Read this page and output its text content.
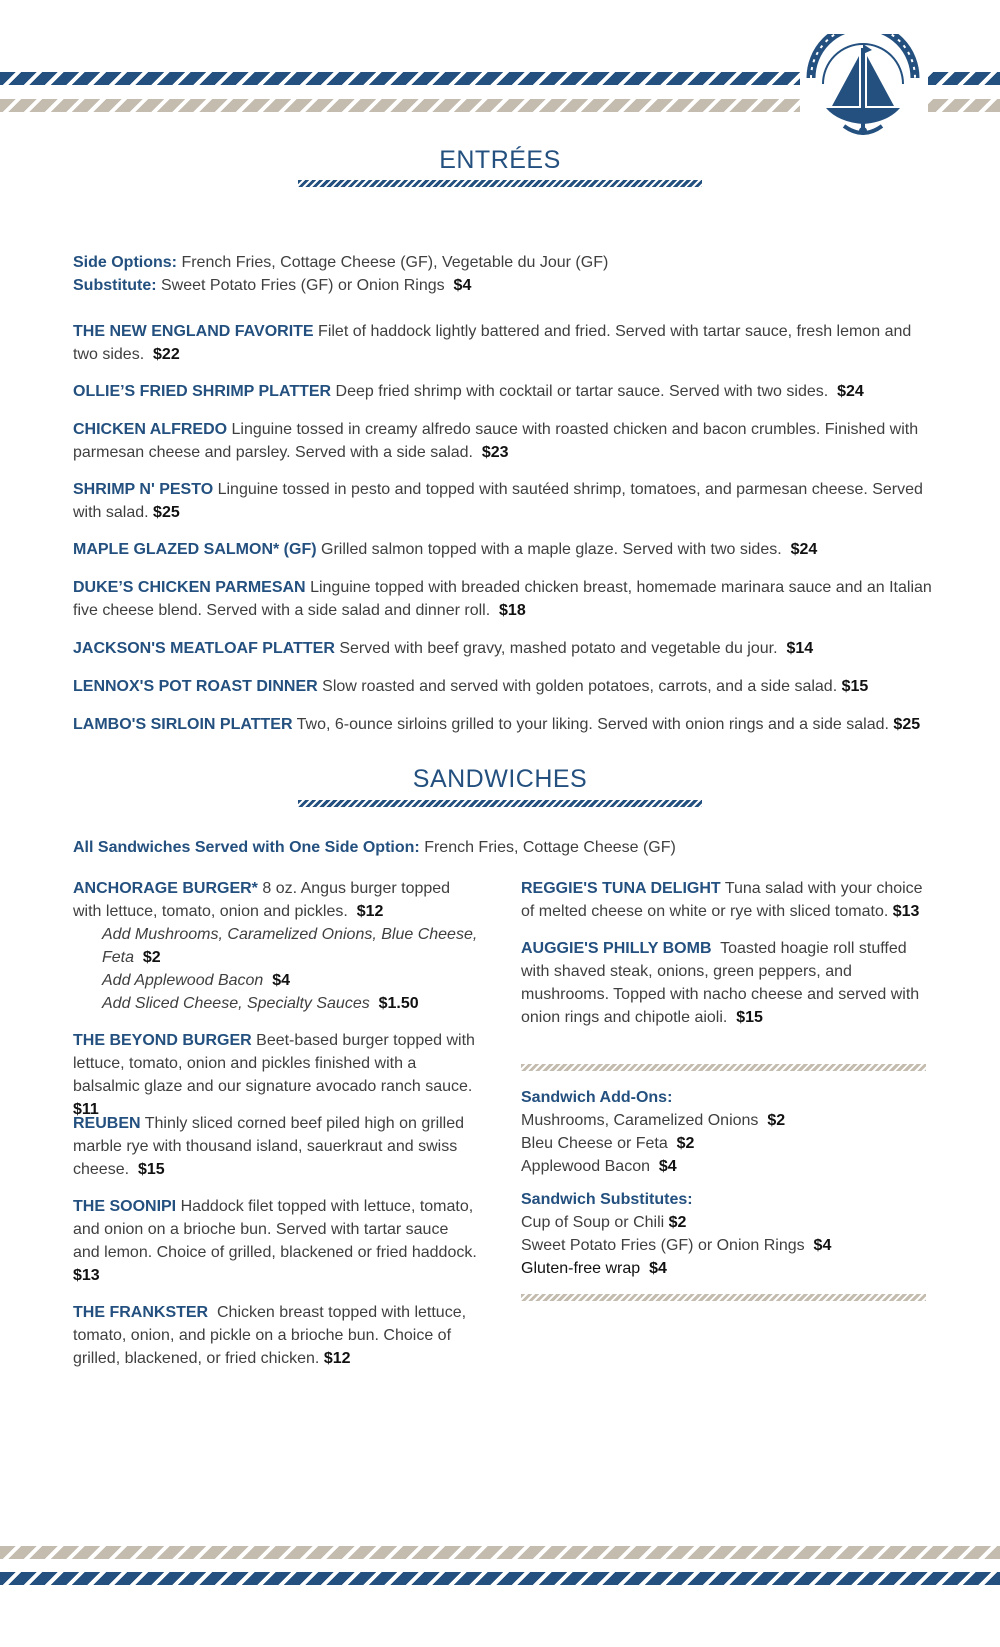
ENTRÉES

Side Options: French Fries, Cottage Cheese (GF), Vegetable du Jour (GF)

Substitute: Sweet Potato Fries (GF) or Onion Rings $4

THE NEW ENGLAND FAVORITE Filet of haddock lightly battered and fried. Served with tartar sauce, fresh lemon and two sides. $22

OLLIE’S FRIED SHRIMP PLATTER Deep fried shrimp with cocktail or tartar sauce. Served with two sides. $24

CHICKEN ALFREDO Linguine tossed in creamy alfredo sauce with roasted chicken and bacon crumbles. Finished with parmesan cheese and parsley. Served with a side salad. $23

SHRIMP N' PESTO Linguine tossed in pesto and topped with sautéed shrimp, tomatoes, and parmesan cheese. Served with salad. $25

MAPLE GLAZED SALMON* (GF) Grilled salmon topped with a maple glaze. Served with two sides. $24

DUKE’S CHICKEN PARMESAN Linguine topped with breaded chicken breast, homemade marinara sauce and an Italian five cheese blend. Served with a side salad and dinner roll. $18

JACKSON'S MEATLOAF PLATTER Served with beef gravy, mashed potato and vegetable du jour. $14

LENNOX'S POT ROAST DINNER Slow roasted and served with golden potatoes, carrots, and a side salad. $15

LAMBO'S SIRLOIN PLATTER Two, 6-ounce sirloins grilled to your liking. Served with onion rings and a side salad. $25

SANDWICHES

All Sandwiches Served with One Side Option: French Fries, Cottage Cheese (GF)

ANCHORAGE BURGER* 8 oz. Angus burger topped with lettuce, tomato, onion and pickles. $12

Add Mushrooms, Caramelized Onions, Blue Cheese, Feta $2

Add Applewood Bacon $4

Add Sliced Cheese, Specialty Sauces $1.50

THE BEYOND BURGER Beet-based burger topped with lettuce, tomato, onion and pickles finished with a balsalmic glaze and our signature avocado ranch sauce.  $11

REUBEN Thinly sliced corned beef piled high on grilled marble rye with thousand island, sauerkraut and swiss cheese. $15

THE SOONIPI Haddock filet topped with lettuce, tomato, and onion on a brioche bun. Served with tartar sauce and lemon. Choice of grilled, blackened or fried haddock. $13

THE FRANKSTER Chicken breast topped with lettuce, tomato, onion, and pickle on a brioche bun. Choice of grilled, blackened, or fried chicken. $12

REGGIE'S TUNA DELIGHT Tuna salad with your choice of melted cheese on white or rye with sliced tomato. $13

AUGGIE'S PHILLY BOMB Toasted hoagie roll stuffed with shaved steak, onions, green peppers, and mushrooms. Topped with nacho cheese and served with onion rings and chipotle aioli. $15

Sandwich Add-Ons:

Mushrooms, Caramelized Onions $2

Bleu Cheese or Feta $2

Applewood Bacon $4

Sandwich Substitutes:

Cup of Soup or Chili $2

Sweet Potato Fries (GF) or Onion Rings $4

Gluten-free wrap $4
